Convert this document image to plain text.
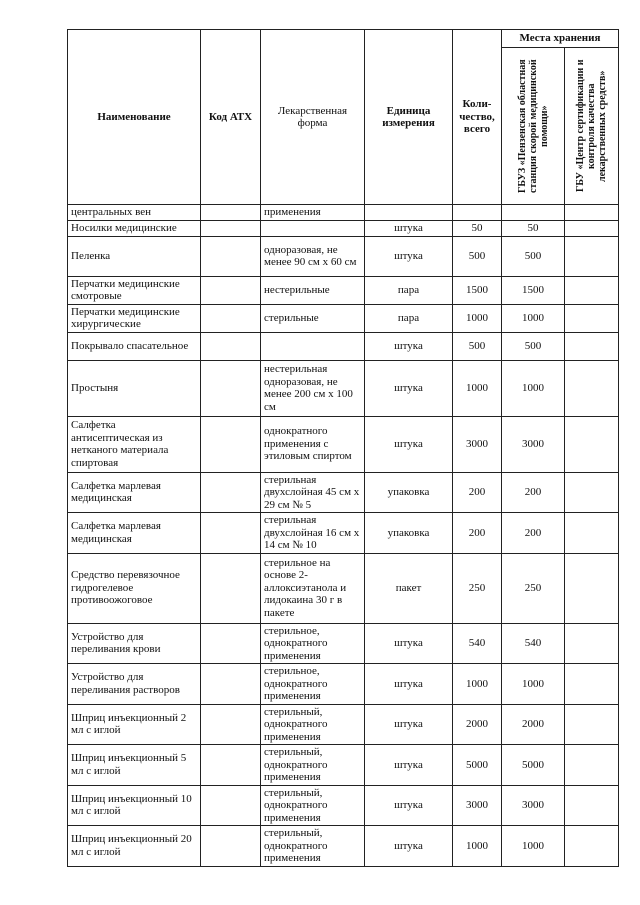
Наименование	Код АТХ	Лекарственная форма	Единица измерения	Коли-чество, всего	Места хранения	

					ГБУЗ «Пензенская областная станция скорой медицинской помощи»	ГБУ «Центр сертификации и контроля качества лекарственных средств»

центральных вен		применения				
Носилки медицинские			штука	50	50	
Пеленка		одноразовая, не менее 90 см х 60 см	штука	500	500	
Перчатки медицинские смотровые		нестерильные	пара	1500	1500	
Перчатки медицинские хирургические		стерильные	пара	1000	1000	
Покрывало спасательное			штука	500	500	
Простыня		нестерильная одноразовая, не менее 200 см х 100 см	штука	1000	1000	
Салфетка антисептическая из нетканого материала спиртовая		однократного применения с этиловым спиртом	штука	3000	3000	
Салфетка марлевая медицинская		стерильная двухслойная 45 см х 29 см № 5	упаковка	200	200	
Салфетка марлевая медицинская		стерильная двухслойная 16 см х 14 см № 10	упаковка	200	200	
Средство перевязочное гидрогелевое противоожоговое		стерильное на основе 2-аллоксиэтанола и лидокаина 30 г в пакете	пакет	250	250	
Устройство для переливания крови		стерильное, однократного применения	штука	540	540	
Устройство для переливания растворов		стерильное, однократного применения	штука	1000	1000	
Шприц инъекционный 2 мл с иглой		стерильный, однократного применения	штука	2000	2000	
Шприц инъекционный 5 мл с иглой		стерильный, однократного применения	штука	5000	5000	
Шприц инъекционный 10 мл с иглой		стерильный, однократного применения	штука	3000	3000	
Шприц инъекционный 20 мл с иглой		стерильный, однократного применения	штука	1000	1000	
